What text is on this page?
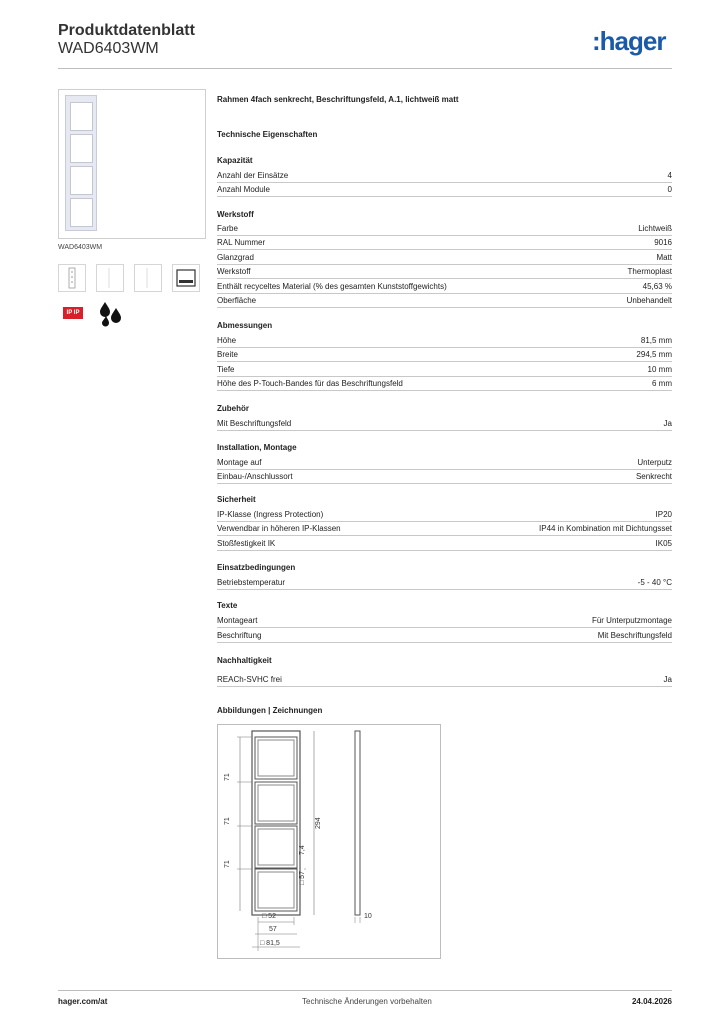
Produktdatenblatt
WAD6403WM	:hager
WAD6403WM
IP IP
Rahmen 4fach senkrecht, Beschriftungsfeld, A.1, lichtweiß matt
Technische Eigenschaften
Kapazität
Anzahl der Einsätze	4
Anzahl Module	0
Werkstoff
Farbe	Lichtweiß
RAL Nummer	9016
Glanzgrad	Matt
Werkstoff	Thermoplast
Enthält recyceltes Material (% des gesamten Kunststoffgewichts)	45,63 %
Oberfläche	Unbehandelt
Abmessungen
Höhe	81,5 mm
Breite	294,5 mm
Tiefe	10 mm
Höhe des P-Touch-Bandes für das Beschriftungsfeld	6 mm
Zubehör
Mit Beschriftungsfeld	Ja
Installation, Montage
Montage auf	Unterputz
Einbau-/Anschlussort	Senkrecht
Sicherheit
IP-Klasse (Ingress Protection)	IP20
Verwendbar in höheren IP-Klassen	IP44 in Kombination mit Dichtungsset
Stoßfestigkeit IK	IK05
Einsatzbedingungen
Betriebstemperatur	-5 - 40 °C
Texte
Montageart	Für Unterputzmontage
Beschriftung	Mit Beschriftungsfeld
Nachhaltigkeit
REACh-SVHC frei	Ja
Abbildungen | Zeichnungen
71
71
71
294
7,4
□ 57
□ 52
57
□ 81,5
10
hager.com/at	Technische Änderungen vorbehalten	24.04.2026
